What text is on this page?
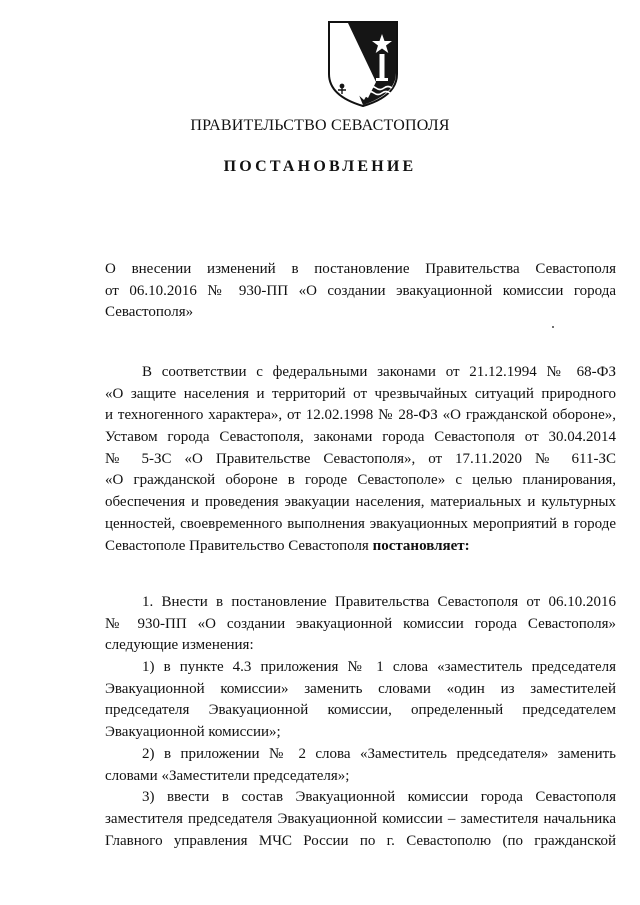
ПРАВИТЕЛЬСТВО СЕВАСТОПОЛЯ
ПОСТАНОВЛЕНИЕ
О внесении изменений в постановление Правительства Севастополя
от 06.10.2016 № 930-ПП «О создании эвакуационной комиссии города
Севастополя»
В соответствии с федеральными законами от 21.12.1994 № 68-ФЗ
«О защите населения и территорий от чрезвычайных ситуаций природного
и техногенного характера», от 12.02.1998 № 28-ФЗ «О гражданской обороне»,
Уставом города Севастополя, законами города Севастополя от 30.04.2014
№ 5-ЗС «О Правительстве Севастополя», от 17.11.2020 № 611-ЗС
«О гражданской обороне в городе Севастополе» с целью планирования,
обеспечения и проведения эвакуации населения, материальных и культурных
ценностей, своевременного выполнения эвакуационных мероприятий в городе
Севастополе Правительство Севастополя постановляет:
1. Внести в постановление Правительства Севастополя от 06.10.2016
№ 930-ПП «О создании эвакуационной комиссии города Севастополя»
следующие изменения:
1) в пункте 4.3 приложения № 1 слова «заместитель председателя
Эвакуационной комиссии» заменить словами «один из заместителей
председателя Эвакуационной комиссии, определенный председателем
Эвакуационной комиссии»;
2) в приложении № 2 слова «Заместитель председателя» заменить
словами «Заместители председателя»;
3) ввести в состав Эвакуационной комиссии города Севастополя
заместителя председателя Эвакуационной комиссии – заместителя начальника
Главного управления МЧС России по г. Севастополю (по гражданской
